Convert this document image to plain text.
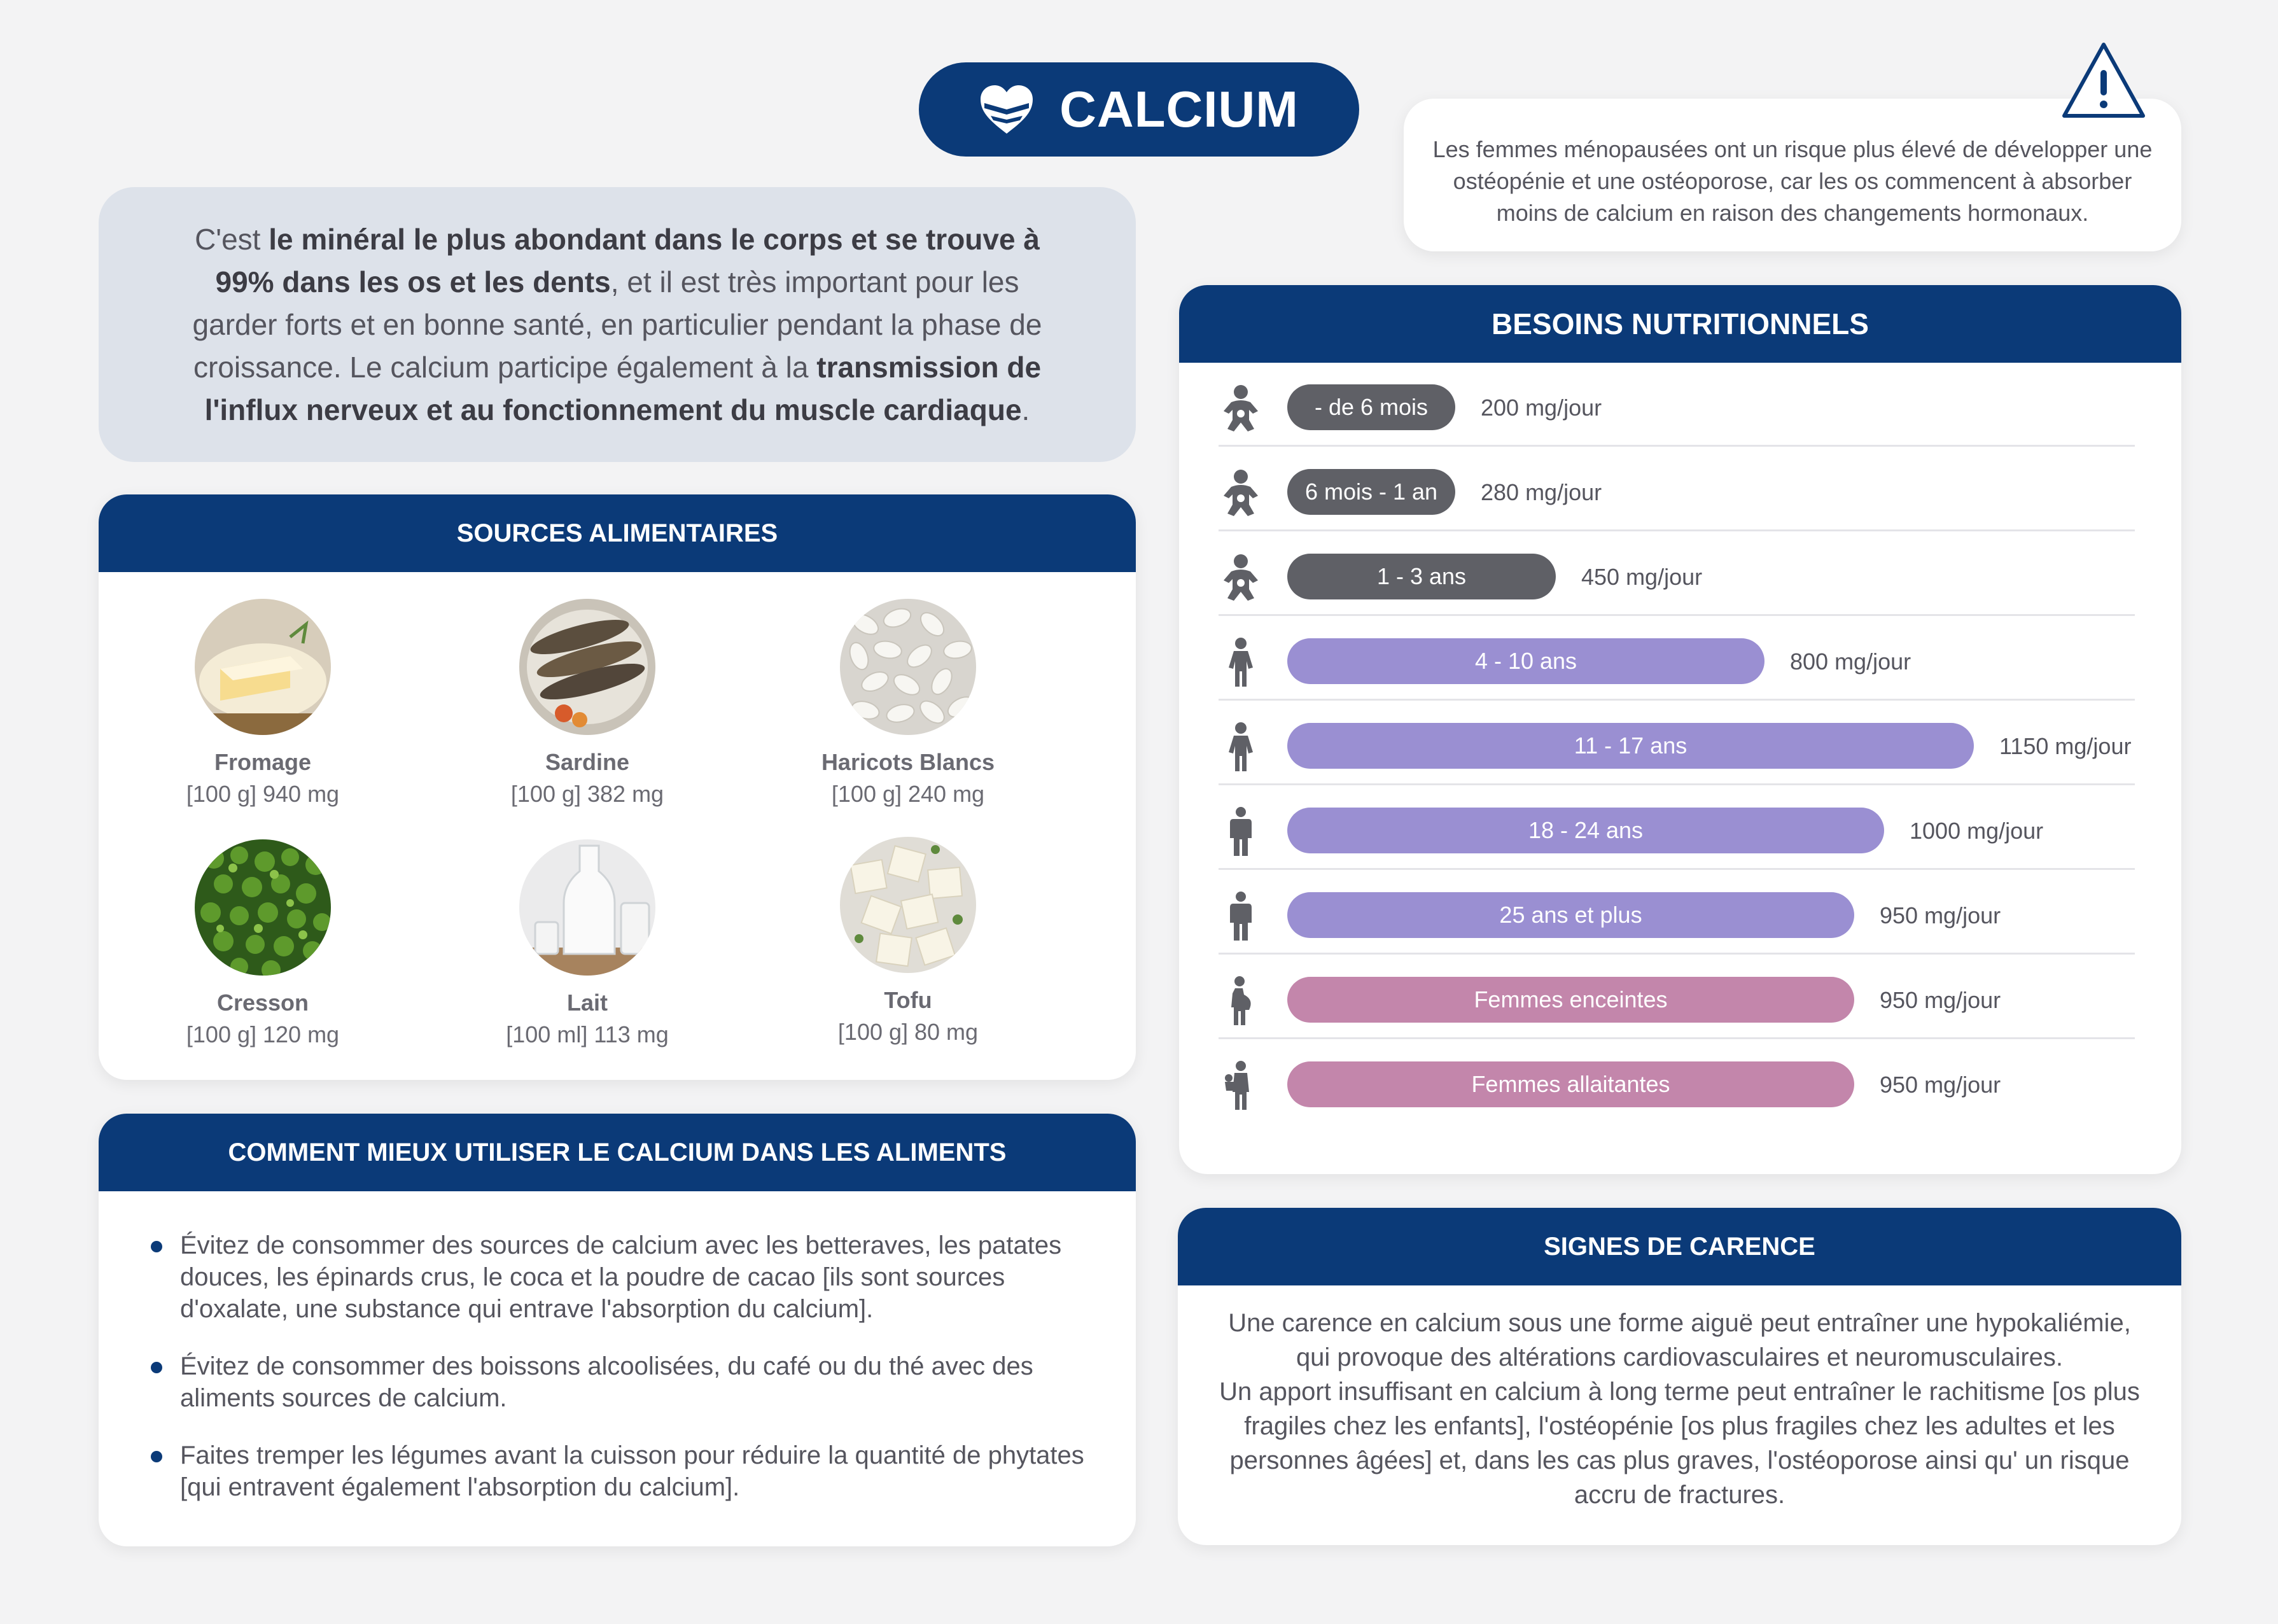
CALCIUM

Les femmes ménopausées ont un risque plus élevé de développer une ostéopénie et une ostéoporose, car les os commencent à absorber moins de calcium en raison des changements hormonaux.

C'est le minéral le plus abondant dans le corps et se trouve à 99% dans les os et les dents, et il est très important pour les garder forts et en bonne santé, en particulier pendant la phase de croissance. Le calcium participe également à la transmission de l'influx nerveux et au fonctionnement du muscle cardiaque.

SOURCES ALIMENTAIRES
Fromage
[100 g] 940 mg
Sardine
[100 g] 382 mg
Haricots Blancs
[100 g] 240 mg
Cresson
[100 g] 120 mg
Lait
[100 ml] 113 mg
Tofu
[100 g] 80 mg
COMMENT MIEUX UTILISER LE CALCIUM DANS LES ALIMENTS
Évitez de consommer des sources de calcium avec les betteraves, les patates douces, les épinards crus, le coca et la poudre de cacao [ils sont sources d'oxalate, une substance qui entrave l'absorption du calcium].
Évitez de consommer des boissons alcoolisées, du café ou du thé avec des aliments sources de calcium.
Faites tremper les légumes avant la cuisson pour réduire la quantité de phytates [qui entravent également l'absorption du calcium].
BESOINS NUTRITIONNELS
- de 6 mois	200 mg/jour
6 mois - 1 an	280 mg/jour
1 - 3 ans	450 mg/jour
4 - 10 ans	800 mg/jour
11 - 17 ans	1150 mg/jour
18 - 24 ans	1000 mg/jour
25 ans et plus	950 mg/jour
Femmes enceintes	950 mg/jour
Femmes allaitantes	950 mg/jour
SIGNES DE CARENCE
Une carence en calcium sous une forme aiguë peut entraîner une hypokaliémie, qui provoque des altérations cardiovasculaires et neuromusculaires.
Un apport insuffisant en calcium à long terme peut entraîner le rachitisme [os plus fragiles chez les enfants], l'ostéopénie [os plus fragiles chez les adultes et les personnes âgées] et, dans les cas plus graves, l'ostéoporose ainsi qu' un risque accru de fractures.
